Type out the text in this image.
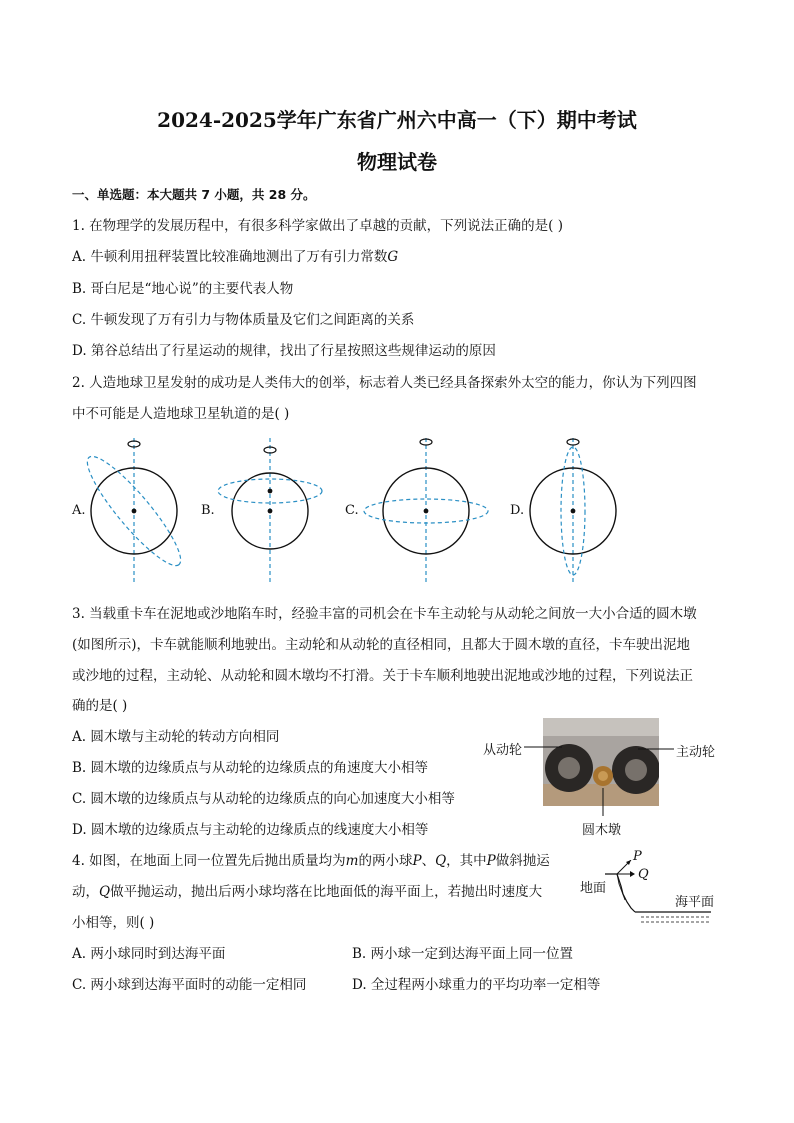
2024-2025学年广东省广州六中高一（下）期中考试
物理试卷
一、单选题：本大题共 7 小题，共 28 分。
1. 在物理学的发展历程中，有很多科学家做出了卓越的贡献，下列说法正确的是( )
A. 牛顿利用扭秤装置比较准确地测出了万有引力常数G
B. 哥白尼是“地心说”的主要代表人物
C. 牛顿发现了万有引力与物体质量及它们之间距离的关系
D. 第谷总结出了行星运动的规律，找出了行星按照这些规律运动的原因
2. 人造地球卫星发射的成功是人类伟大的创举，标志着人类已经具备探索外太空的能力，你认为下列四图
中不可能是人造地球卫星轨道的是( )
A.	B.	C.	D.
3. 当载重卡车在泥地或沙地陷车时，经验丰富的司机会在卡车主动轮与从动轮之间放一大小合适的圆木墩
(如图所示)，卡车就能顺利地驶出。主动轮和从动轮的直径相同，且都大于圆木墩的直径，卡车驶出泥地
或沙地的过程，主动轮、从动轮和圆木墩均不打滑。关于卡车顺利地驶出泥地或沙地的过程，下列说法正
确的是( )
A. 圆木墩与主动轮的转动方向相同
B. 圆木墩的边缘质点与从动轮的边缘质点的角速度大小相等
C. 圆木墩的边缘质点与从动轮的边缘质点的向心加速度大小相等
D. 圆木墩的边缘质点与主动轮的边缘质点的线速度大小相等
从动轮	主动轮
圆木墩
4. 如图，在地面上同一位置先后抛出质量均为m的两小球P、Q，其中P做斜抛运
动，Q做平抛运动，抛出后两小球均落在比地面低的海平面上，若抛出时速度大
小相等，则( )
A. 两小球同时到达海平面	B. 两小球一定到达海平面上同一位置
C. 两小球到达海平面时的动能一定相同	D. 全过程两小球重力的平均功率一定相等
P
Q
地面
海平面
